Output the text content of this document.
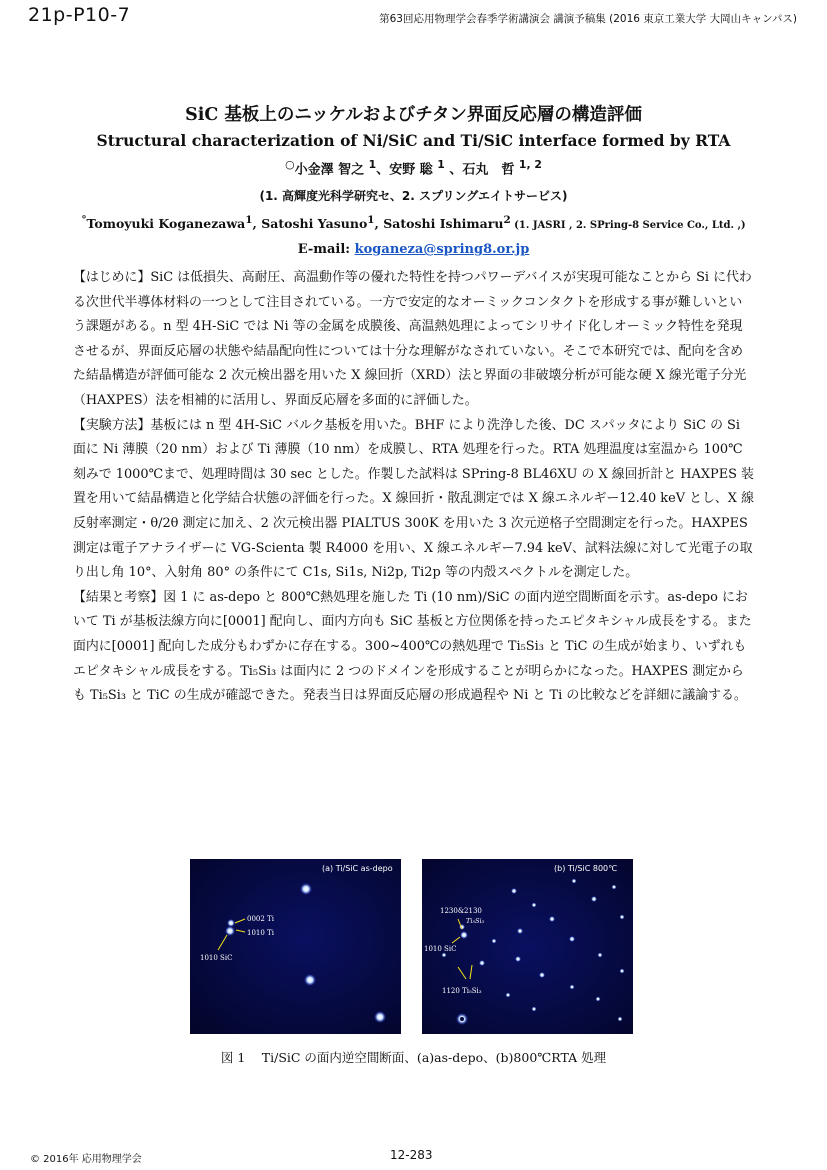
21p-P10-7	第63回応用物理学会春季学術講演会 講演予稿集 (2016 東京工業大学 大岡山キャンパス)
SiC 基板上のニッケルおよびチタン界面反応層の構造評価
Structural characterization of Ni/SiC and Ti/SiC interface formed by RTA
○小金澤 智之 $^1$、安野 聡 $^1$ 、石丸　哲 $^{1, 2}$
(1. 高輝度光科学研究セ、2. スプリングエイトサービス)
°Tomoyuki Koganezawa$^1$, Satoshi Yasuno$^1$, Satoshi Ishimaru$^2$ (1. JASRI , 2. SPring-8 Service Co., Ltd. ,)
E-mail: koganeza@spring8.or.jp

【はじめに】SiC は低損失、高耐圧、高温動作等の優れた特性を持つパワーデバイスが実現可能なことから Si に代わる次世代半導体材料の一つとして注目されている。一方で安定的なオーミックコンタクトを形成する事が難しいという課題がある。n 型 4H-SiC では Ni 等の金属を成膜後、高温熱処理によってシリサイド化しオーミック特性を発現させるが、界面反応層の状態や結晶配向性については十分な理解がなされていない。そこで本研究では、配向を含めた結晶構造が評価可能な 2 次元検出器を用いた X 線回折（XRD）法と界面の非破壊分析が可能な硬 X 線光電子分光（HAXPES）法を相補的に活用し、界面反応層を多面的に評価した。

【実験方法】基板には n 型 4H-SiC バルク基板を用いた。BHF により洗浄した後、DC スパッタにより SiC の Si 面に Ni 薄膜（20 nm）および Ti 薄膜（10 nm）を成膜し、RTA 処理を行った。RTA 処理温度は室温から 100℃刻みで 1000℃まで、処理時間は 30 sec とした。作製した試料は SPring-8 BL46XU の X 線回折計と HAXPES 装置を用いて結晶構造と化学結合状態の評価を行った。X 線回折・散乱測定では X 線エネルギー12.40 keV とし、X 線反射率測定・θ/2θ 測定に加え、2 次元検出器 PIALTUS 300K を用いた 3 次元逆格子空間測定を行った。HAXPES 測定は電子アナライザーに VG-Scienta 製 R4000 を用い、X 線エネルギー7.94 keV、試料法線に対して光電子の取り出し角 10°、入射角 80° の条件にて C1s, Si1s, Ni2p, Ti2p 等の内殻スペクトルを測定した。

【結果と考察】図 1 に as-depo と 800℃熱処理を施した Ti (10 nm)/SiC の面内逆空間断面を示す。as-depo において Ti が基板法線方向に[0001] 配向し、面内方向も SiC 基板と方位関係を持ったエピタキシャル成長をする。また面内に[0001] 配向した成分もわずかに存在する。300~400℃の熱処理で Ti₅Si₃ と TiC の生成が始まり、いずれもエピタキシャル成長をする。Ti₅Si₃ は面内に 2 つのドメインを形成することが明らかになった。HAXPES 測定からも Ti₅Si₃ と TiC の生成が確認できた。発表当日は界面反応層の形成過程や Ni と Ti の比較などを詳細に議論する。

(a) Ti/SiC as-depo
0002 Ti
1010 Ti
1010 SiC
(b) Ti/SiC 800℃
1230&2130
Ti₅Si₃
1010 SiC
1120 Ti₅Si₃
図 1　 Ti/SiC の面内逆空間断面、(a)as-depo、(b)800℃RTA 処理
© 2016年 応用物理学会	12-283
